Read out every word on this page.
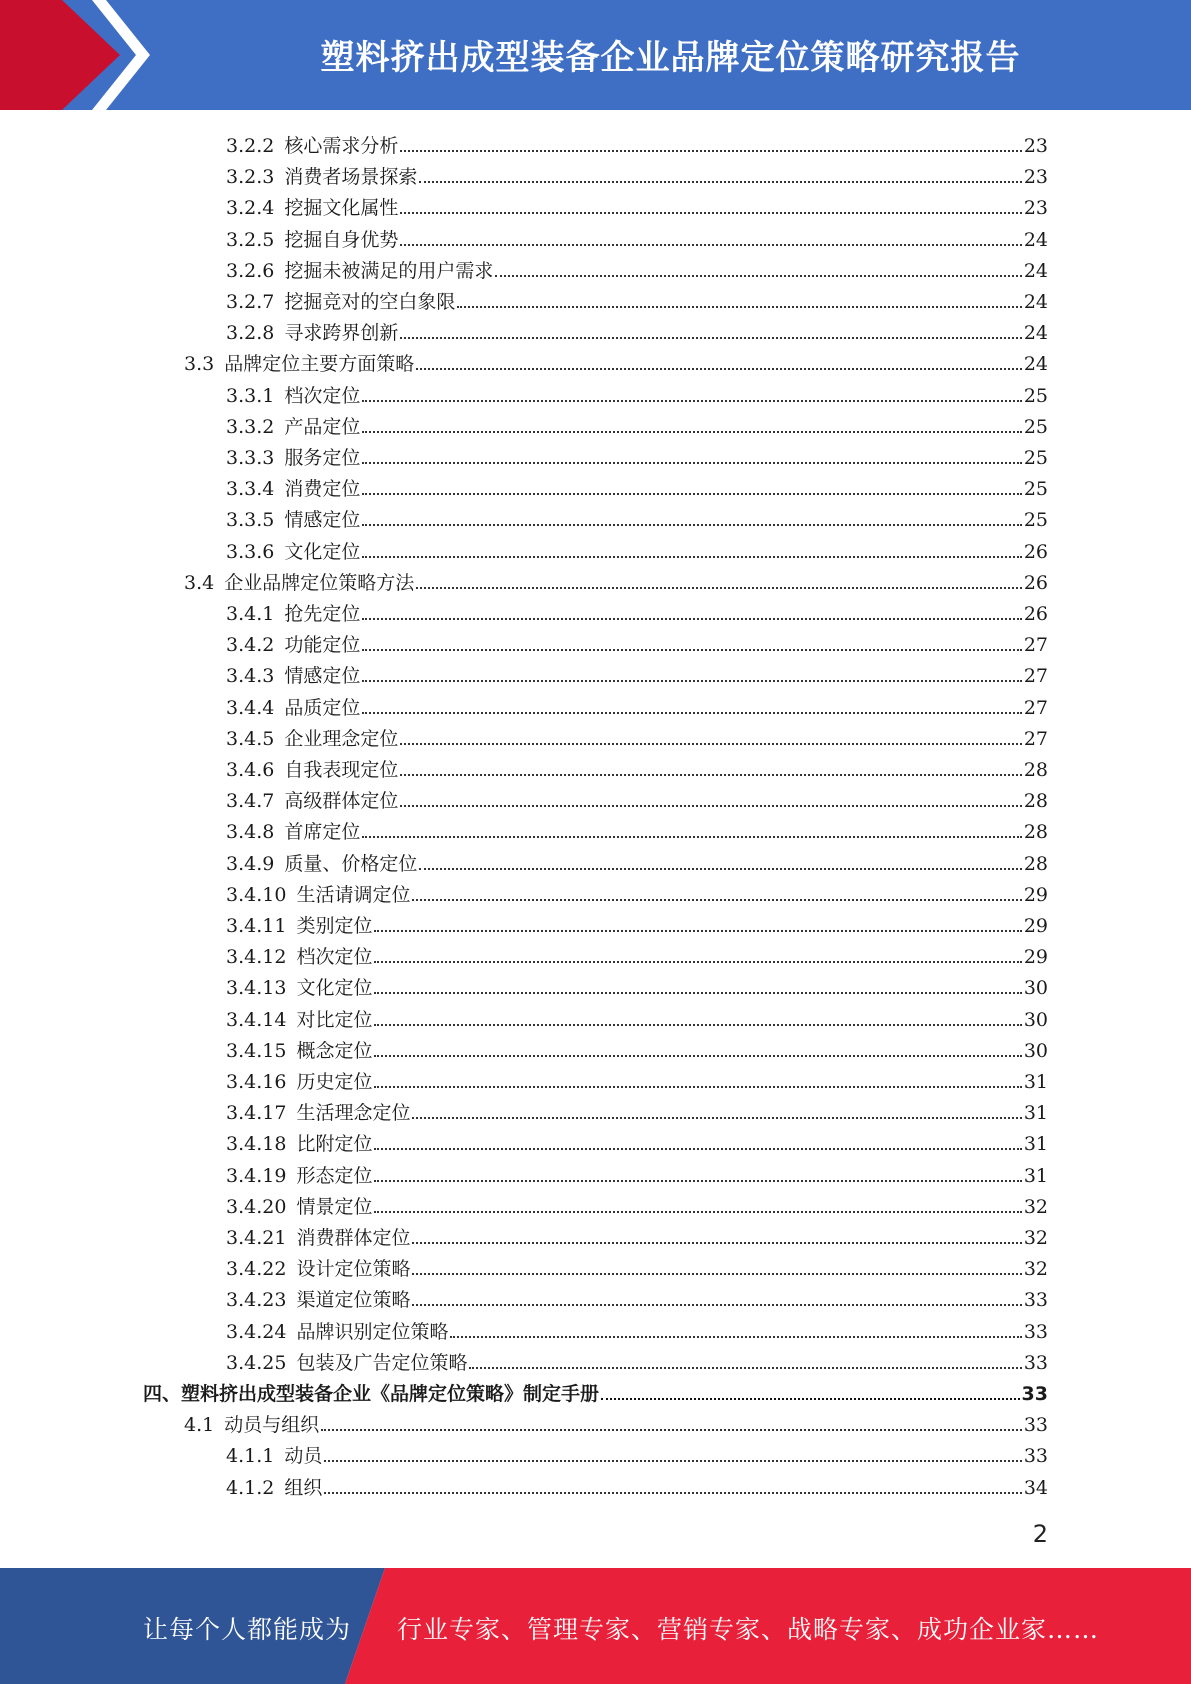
塑料挤出成型装备企业品牌定位策略研究报告
3.2.2 核心需求分析	23
3.2.3 消费者场景探索	23
3.2.4 挖掘文化属性	23
3.2.5 挖掘自身优势	24
3.2.6 挖掘未被满足的用户需求	24
3.2.7 挖掘竞对的空白象限	24
3.2.8 寻求跨界创新	24
3.3 品牌定位主要方面策略	24
3.3.1 档次定位	25
3.3.2 产品定位	25
3.3.3 服务定位	25
3.3.4 消费定位	25
3.3.5 情感定位	25
3.3.6 文化定位	26
3.4 企业品牌定位策略方法	26
3.4.1 抢先定位	26
3.4.2 功能定位	27
3.4.3 情感定位	27
3.4.4 品质定位	27
3.4.5 企业理念定位	27
3.4.6 自我表现定位	28
3.4.7 高级群体定位	28
3.4.8 首席定位	28
3.4.9 质量、价格定位	28
3.4.10 生活请调定位	29
3.4.11 类别定位	29
3.4.12 档次定位	29
3.4.13 文化定位	30
3.4.14 对比定位	30
3.4.15 概念定位	30
3.4.16 历史定位	31
3.4.17 生活理念定位	31
3.4.18 比附定位	31
3.4.19 形态定位	31
3.4.20 情景定位	32
3.4.21 消费群体定位	32
3.4.22 设计定位策略	32
3.4.23 渠道定位策略	33
3.4.24 品牌识别定位策略	33
3.4.25 包装及广告定位策略	33
四、塑料挤出成型装备企业《品牌定位策略》制定手册	33
4.1 动员与组织	33
4.1.1 动员	33
4.1.2 组织	34
2
让每个人都能成为 行业专家、管理专家、营销专家、战略专家、成功企业家……
